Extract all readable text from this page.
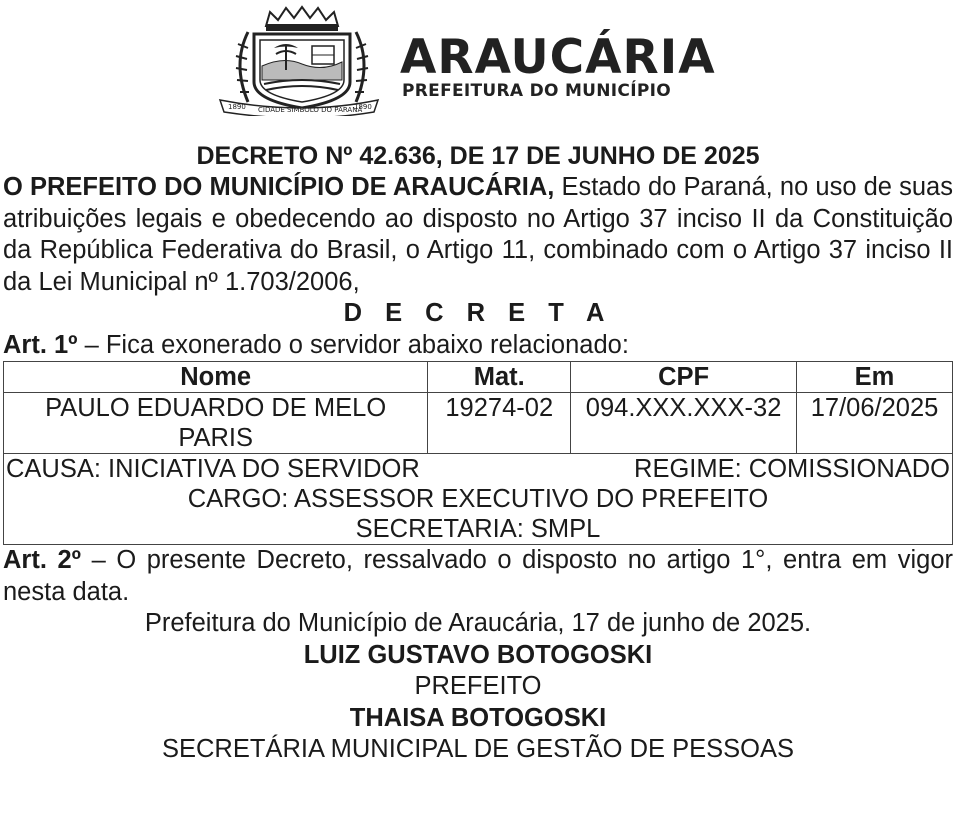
1890 CIDADE SÍMBOLO DO PARANÁ
1890
ARAUCÁRIA
PREFEITURA DO MUNICÍPIO
DECRETO Nº 42.636, DE 17 DE JUNHO DE 2025
O PREFEITO DO MUNICÍPIO DE ARAUCÁRIA, Estado do Paraná, no uso de suas atribuições legais e obedecendo ao disposto no Artigo 37 inciso II da Constituição da República Federativa do Brasil, o Artigo 11, combinado com o Artigo 37 inciso II da Lei Municipal nº 1.703/2006,
D E C R E T A
Art. 1º – Fica exonerado o servidor abaixo relacionado:
Nome	Mat.	CPF	Em
PAULO EDUARDO DE MELO PARIS	19274-02	094.XXX.XXX-32	17/06/2025

CAUSA: INICIATIVA DO SERVIDOR REGIME: COMISSIONADO
CARGO: ASSESSOR EXECUTIVO DO PREFEITO
SECRETARIA: SMPL			
Art. 2º – O presente Decreto, ressalvado o disposto no artigo 1°, entra em vigor nesta data.
Prefeitura do Município de Araucária, 17 de junho de 2025.
LUIZ GUSTAVO BOTOGOSKI
PREFEITO
THAISA BOTOGOSKI
SECRETÁRIA MUNICIPAL DE GESTÃO DE PESSOAS
